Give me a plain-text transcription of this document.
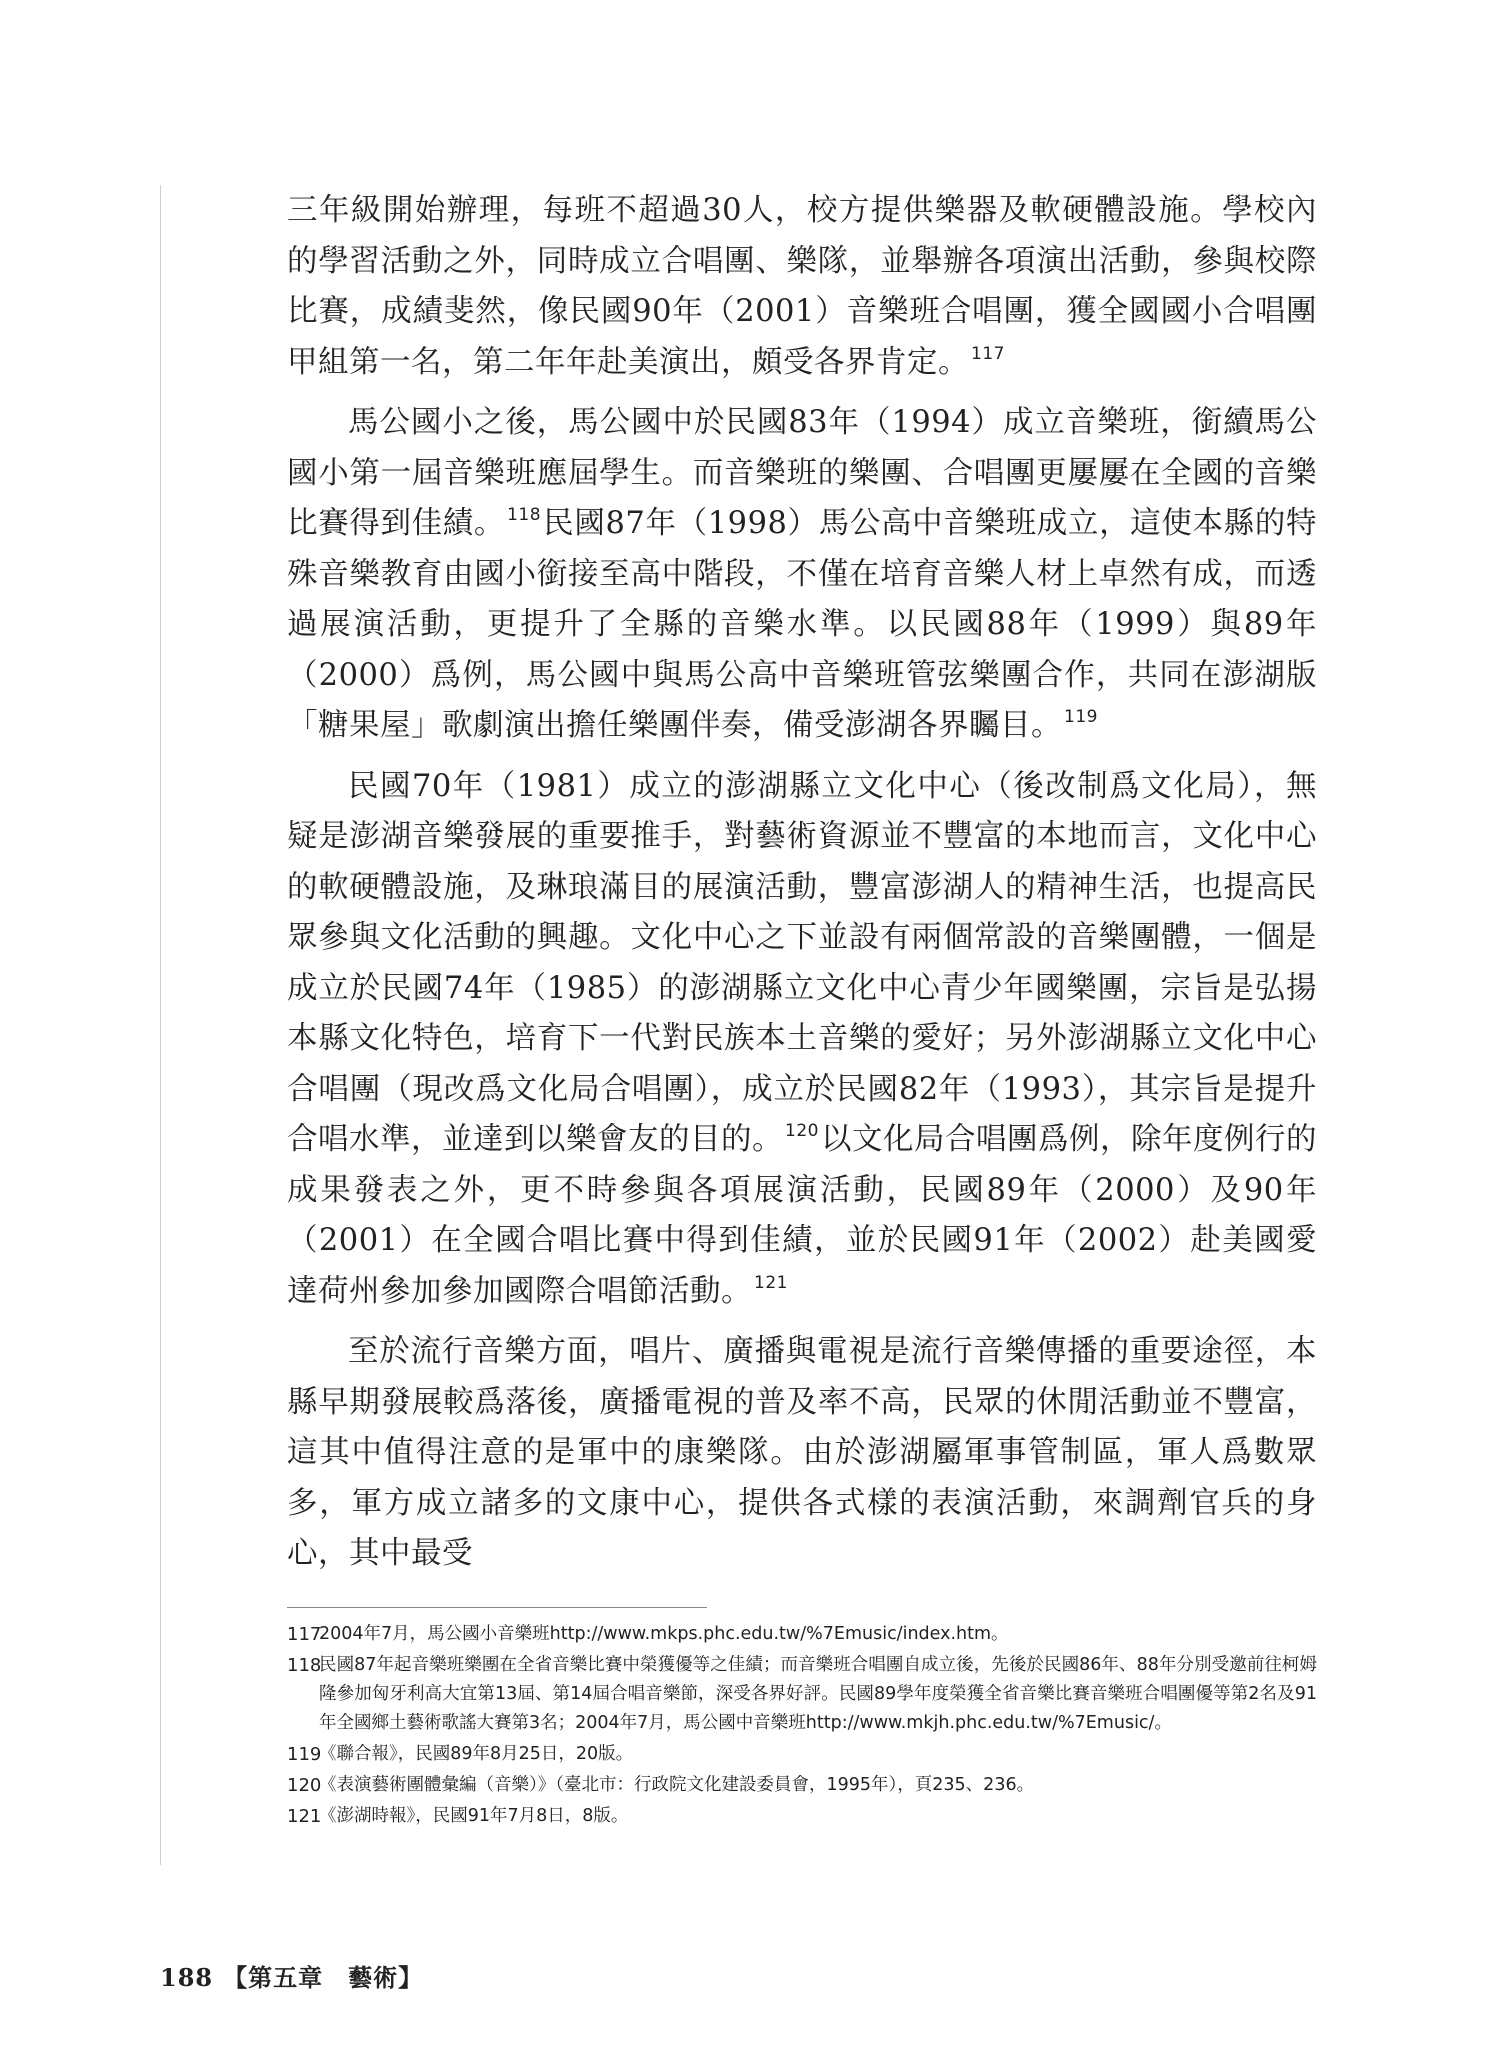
三年級開始辦理，每班不超過30人，校方提供樂器及軟硬體設施。學校內的學習活動之外，同時成立合唱團、樂隊，並舉辦各項演出活動，參與校際比賽，成績斐然，像民國90年（2001）音樂班合唱團，獲全國國小合唱團甲組第一名，第二年年赴美演出，頗受各界肯定。 $^{117}$

馬公國小之後，馬公國中於民國83年（1994）成立音樂班，銜續馬公國小第一屆音樂班應屆學生。而音樂班的樂團、合唱團更屢屢在全國的音樂比賽得到佳績。 $^{118}$民國87年（1998）馬公高中音樂班成立，這使本縣的特殊音樂教育由國小銜接至高中階段，不僅在培育音樂人材上卓然有成，而透過展演活動，更提升了全縣的音樂水準。以民國88年（1999）與89年（2000）爲例，馬公國中與馬公高中音樂班管弦樂團合作，共同在澎湖版「糖果屋」歌劇演出擔任樂團伴奏，備受澎湖各界矚目。 $^{119}$

民國70年（1981）成立的澎湖縣立文化中心（後改制爲文化局），無疑是澎湖音樂發展的重要推手，對藝術資源並不豐富的本地而言，文化中心的軟硬體設施，及琳琅滿目的展演活動，豐富澎湖人的精神生活，也提高民眾參與文化活動的興趣。文化中心之下並設有兩個常設的音樂團體，一個是成立於民國74年（1985）的澎湖縣立文化中心青少年國樂團，宗旨是弘揚本縣文化特色，培育下一代對民族本土音樂的愛好；另外澎湖縣立文化中心合唱團（現改爲文化局合唱團），成立於民國82年（1993），其宗旨是提升合唱水準，並達到以樂會友的目的。 $^{120}$以文化局合唱團爲例，除年度例行的成果發表之外，更不時參與各項展演活動，民國89年（2000）及90年（2001）在全國合唱比賽中得到佳績，並於民國91年（2002）赴美國愛達荷州參加參加國際合唱節活動。 $^{121}$

至於流行音樂方面，唱片、廣播與電視是流行音樂傳播的重要途徑，本縣早期發展較爲落後，廣播電視的普及率不高，民眾的休閒活動並不豐富，這其中值得注意的是軍中的康樂隊。由於澎湖屬軍事管制區，軍人爲數眾多，軍方成立諸多的文康中心，提供各式樣的表演活動，來調劑官兵的身心，其中最受

117
2004年7月，馬公國小音樂班http://www.mkps.phc.edu.tw/%7Emusic/index.htm。
118
民國87年起音樂班樂團在全省音樂比賽中榮獲優等之佳績；而音樂班合唱團自成立後，先後於民國86年、88年分別受邀前往柯姆隆參加匈牙利高大宜第13屆、第14屆合唱音樂節，深受各界好評。民國89學年度榮獲全省音樂比賽音樂班合唱團優等第2名及91年全國鄉土藝術歌謠大賽第3名；2004年7月，馬公國中音樂班http://www.mkjh.phc.edu.tw/%7Emusic/。
119
《聯合報》，民國89年8月25日，20版。
120
《表演藝術團體彙編（音樂）》（臺北市：行政院文化建設委員會，1995年），頁235、236。
121
《澎湖時報》，民國91年7月8日，8版。
188 【第五章　藝術】
